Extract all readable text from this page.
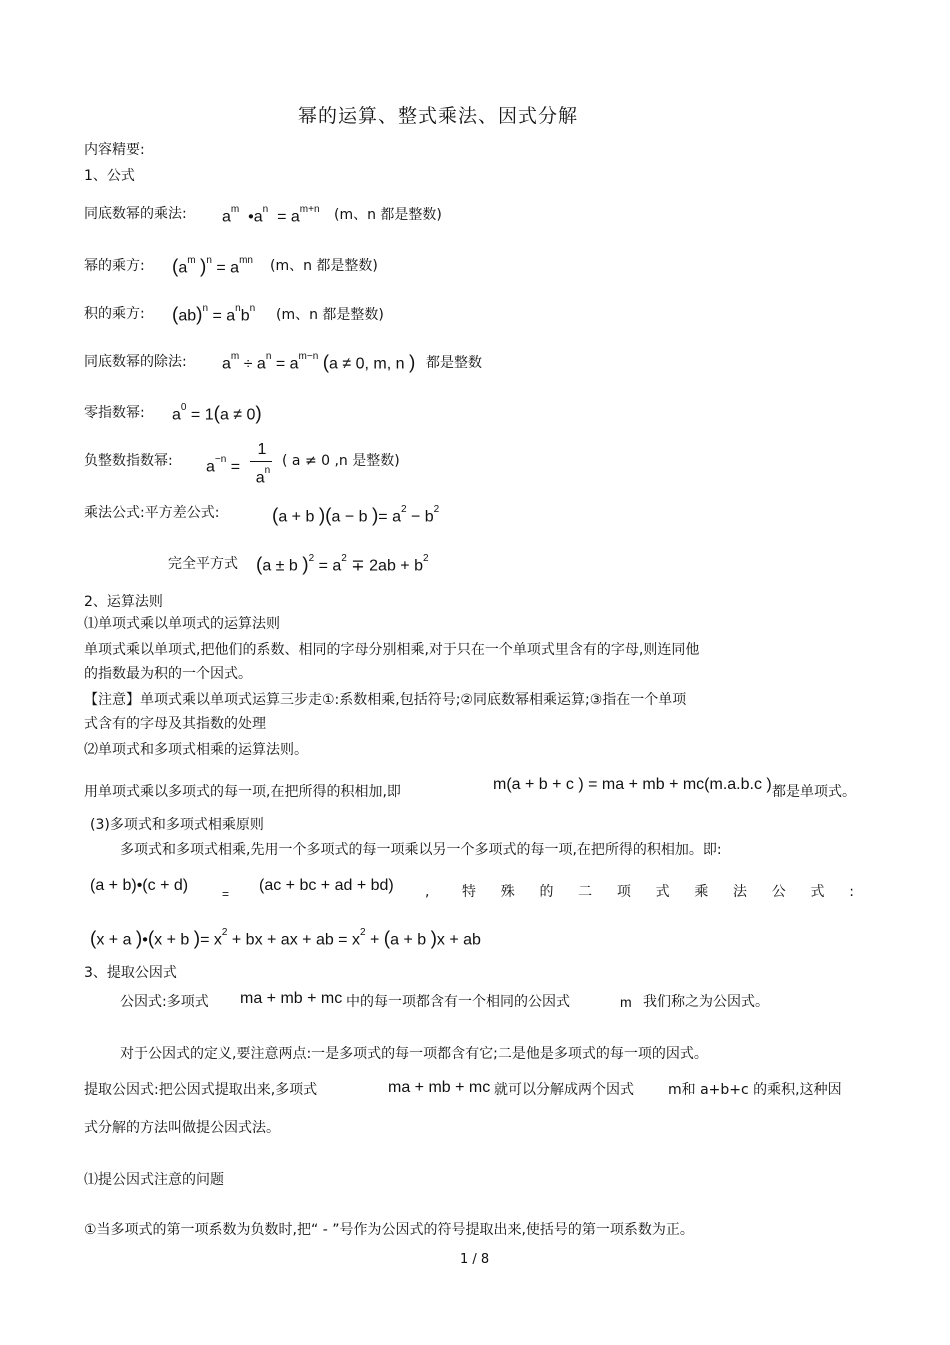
幂的运算、整式乘法、因式分解
内容精要:
1、公式
同底数幂的乘法: $a^m$  $•a^n = a^{m+n}$ (m、n 都是整数)
幂的乘方: ($a^m$ )$^n = a^{mn}$ (m、n 都是整数)
积的乘方: $(ab)^n = a^nb^n$ (m、n 都是整数)
同底数幂的除法: $a^m \div a^n = a^{m-n}$ (a ≠ 0, m, n ) 都是整数
零指数幂: $a^0 = 1(a \ne 0)$
负整数指数幂: $a^{-n}$ =
1
$a^n$
( a ≠ 0 ,n 是整数)
乘法公式:平方差公式:	(a + b )(a − b )= $a^2 - b^2$
完全平方式 (a ± b )$^2 = a^2 \mp 2ab + b^2$
2、运算法则
⑴单项式乘以单项式的运算法则
单项式乘以单项式,把他们的系数、相同的字母分别相乘,对于只在一个单项式里含有的字母,则连同他
的指数最为积的一个因式。
【注意】单项式乘以单项式运算三步走①:系数相乘,包括符号;②同底数幂相乘运算;③指在一个单项
式含有的字母及其指数的处理
⑵单项式和多项式相乘的运算法则。
用单项式乘以多项式的每一项,在把所得的积相加,即	m(a + b + c ) = ma + mb + mc(m.a.b.c ) 都是单项式。
(3)多项式和多项式相乘原则
多项式和多项式相乘,先用一个多项式的每一项乘以另一个多项式的每一项,在把所得的积相加。即:
(a + b)•(c + d)	= (ac + bc + ad + bd) , 特 殊 的 二 项 式 乘 法 公 式 :
(x + a )•(x + b )= $x^2$ + bx + ax + ab = $x^2 + (a + b$ )x + ab
3、提取公因式
公因式:多项式 ma + mb + mc 中的每一项都含有一个相同的公因式	m 我们称之为公因式。
对于公因式的定义,要注意两点:一是多项式的每一项都含有它;二是他是多项式的每一项的因式。
提取公因式:把公因式提取出来,多项式	ma + mb + mc 就可以分解成两个因式 m和 a+b+c 的乘积,这种因
式分解的方法叫做提公因式法。
⑴提公因式注意的问题
①当多项式的第一项系数为负数时,把“ - ”号作为公因式的符号提取出来,使括号的第一项系数为正。
1 / 8
